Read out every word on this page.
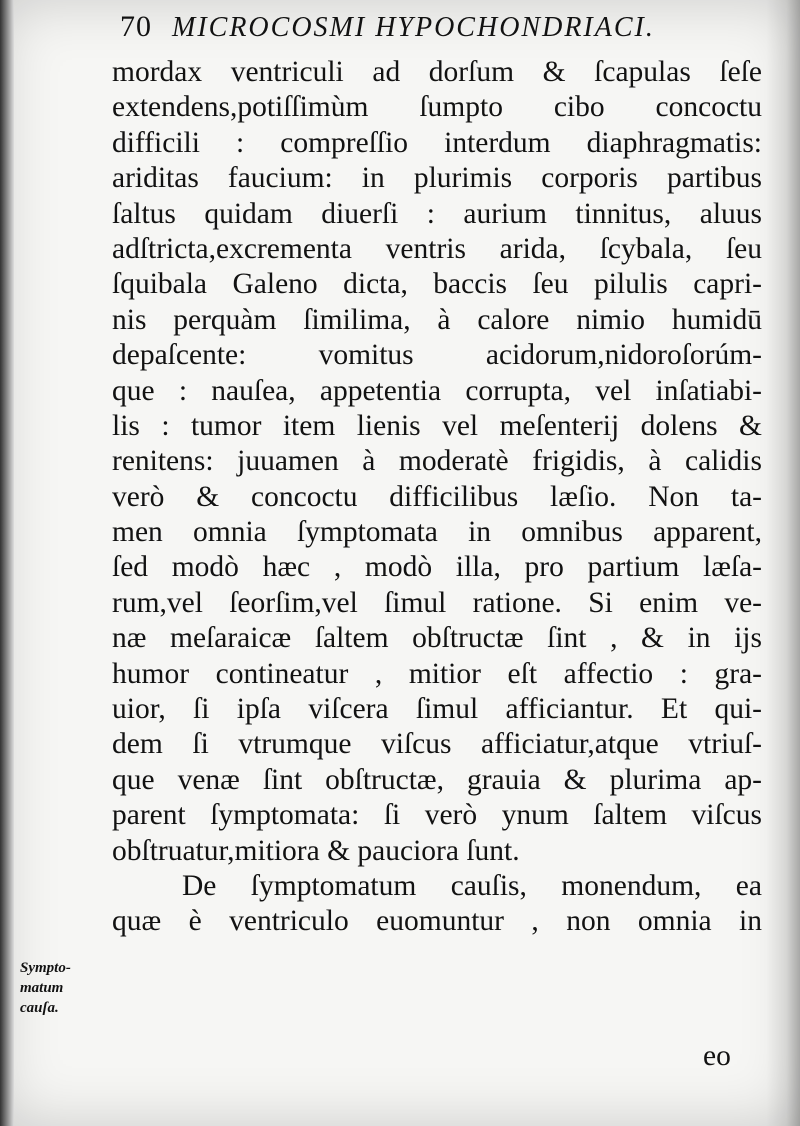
70 MICROCOSMI HYPOCHONDRIACI.
mordax ventriculi ad dorſum & ſcapulas ſeſe
extendens,potiſſimùm ſumpto cibo concoctu
difficili : compreſſio interdum diaphragmatis:
ariditas faucium: in plurimis corporis partibus
ſaltus quidam diuerſi : aurium tinnitus, aluus
adſtricta,excrementa ventris arida, ſcybala, ſeu
ſquibala Galeno dicta, baccis ſeu pilulis capri-
nis perquàm ſimilima, à calore nimio humidū
depaſcente: vomitus acidorum,nidoroſorúm-
que : nauſea, appetentia corrupta, vel inſatiabi-
lis : tumor item lienis vel meſenterij dolens &
renitens: juuamen à moderatè frigidis, à calidis
verò & concoctu difficilibus læſio. Non ta-
men omnia ſymptomata in omnibus apparent,
ſed modò hæc , modò illa, pro partium læſa-
rum,vel ſeorſim,vel ſimul ratione. Si enim ve-
næ meſaraicæ ſaltem obſtructæ ſint , & in ijs
humor contineatur , mitior eſt affectio : gra-
uior, ſi ipſa viſcera ſimul afficiantur. Et qui-
dem ſi vtrumque viſcus afficiatur,atque vtriuſ-
que venæ ſint obſtructæ, grauia & plurima ap-
parent ſymptomata: ſi verò ynum ſaltem viſcus
obſtruatur,mitiora & pauciora ſunt.
De ſymptomatum cauſis, monendum, ea
quæ è ventriculo euomuntur , non omnia in
Sympto-
matum
cauſa.
eo
